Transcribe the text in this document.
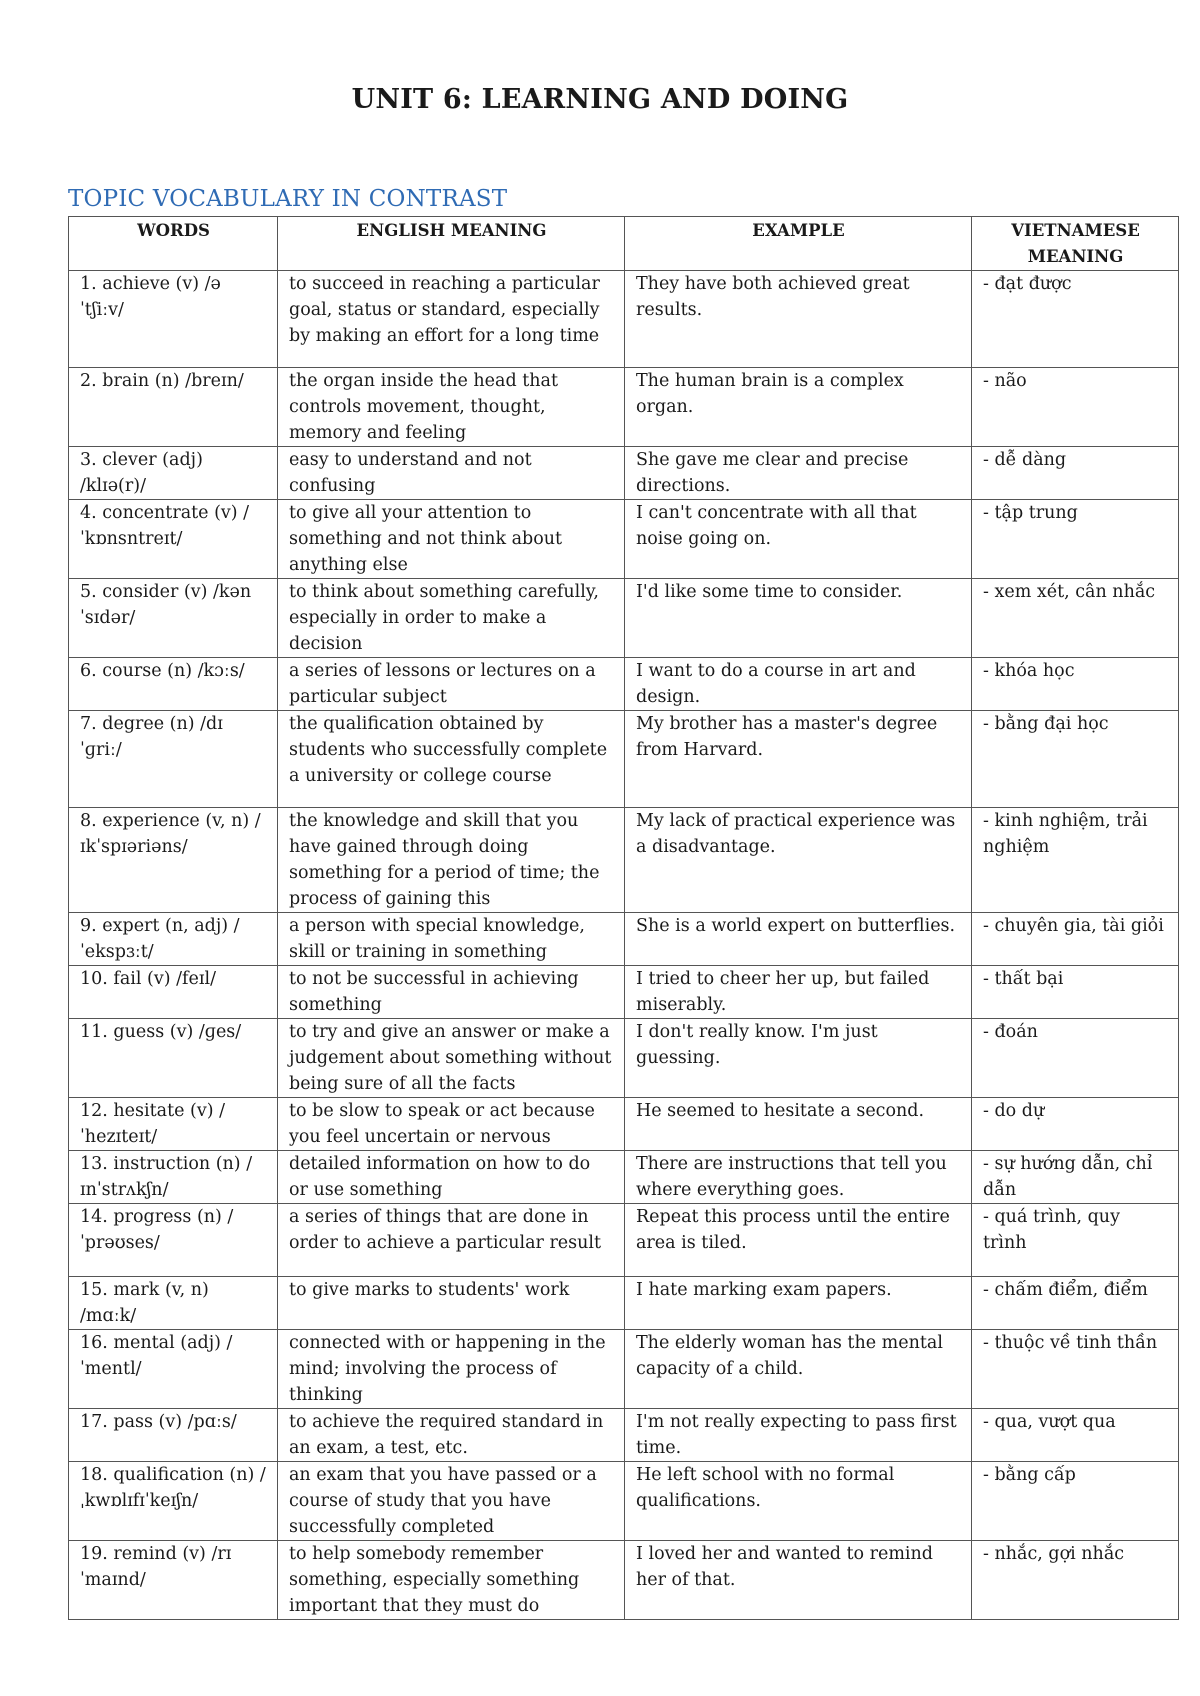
UNIT 6: LEARNING AND DOING
TOPIC VOCABULARY IN CONTRAST
WORDS	ENGLISH MEANING	EXAMPLE	VIETNAMESE MEANING
1. achieve (v) /ə ˈtʃiːv/	to succeed in reaching a particular goal, status or standard, especially by making an effort for a long time	They have both achieved great results.	- đạt được
2. brain (n) /breɪn/	the organ inside the head that controls movement, thought, memory and feeling	The human brain is a complex organ.	- não
3. clever (adj) /klɪə(r)/	easy to understand and not confusing	She gave me clear and precise directions.	- dễ dàng
4. concentrate (v) /ˈkɒnsntreɪt/	to give all your attention to something and not think about anything else	I can't concentrate with all that noise going on.	- tập trung
5. consider (v) /kənˈsɪdər/	to think about something carefully, especially in order to make a decision	I'd like some time to consider.	- xem xét, cân nhắc
6. course (n) /kɔːs/	a series of lessons or lectures on a particular subject	I want to do a course in art and design.	- khóa học
7. degree (n) /dɪ ˈɡriː/	the qualification obtained by students who successfully complete a university or college course	My brother has a master's degree from Harvard.	- bằng đại học
8. experience (v, n) /ɪkˈspɪəriəns/	the knowledge and skill that you have gained through doing something for a period of time; the process of gaining this	My lack of practical experience was a disadvantage.	- kinh nghiệm, trải nghiệm
9. expert (n, adj) /ˈekspɜːt/	a person with special knowledge, skill or training in something	She is a world expert on butterflies.	- chuyên gia, tài giỏi
10. fail (v) /feɪl/	to not be successful in achieving something	I tried to cheer her up, but failed miserably.	- thất bại
11. guess (v) /ɡes/	to try and give an answer or make a judgement about something without being sure of all the facts	I don't really know. I'm just guessing.	- đoán
12. hesitate (v) /ˈhezɪteɪt/	to be slow to speak or act because you feel uncertain or nervous	He seemed to hesitate a second.	- do dự
13. instruction (n) /ɪnˈstrʌkʃn/	detailed information on how to do or use something	There are instructions that tell you where everything goes.	- sự hướng dẫn, chỉ dẫn
14. progress (n) /ˈprəʊses/	a series of things that are done in order to achieve a particular result	Repeat this process until the entire area is tiled.	- quá trình, quy trình
15. mark (v, n) /mɑːk/	to give marks to students' work	I hate marking exam papers.	- chấm điểm, điểm
16. mental (adj) /ˈmentl/	connected with or happening in the mind; involving the process of thinking	The elderly woman has the mental capacity of a child.	- thuộc về tinh thần
17. pass (v) /pɑːs/	to achieve the required standard in an exam, a test, etc.	I'm not really expecting to pass first time.	- qua, vượt qua
18. qualification (n) /ˌkwɒlɪfɪˈkeɪʃn/	an exam that you have passed or a course of study that you have successfully completed	He left school with no formal qualifications.	- bằng cấp
19. remind (v) /rɪ ˈmaɪnd/	to help somebody remember something, especially something important that they must do	I loved her and wanted to remind her of that.	- nhắc, gợi nhắc
